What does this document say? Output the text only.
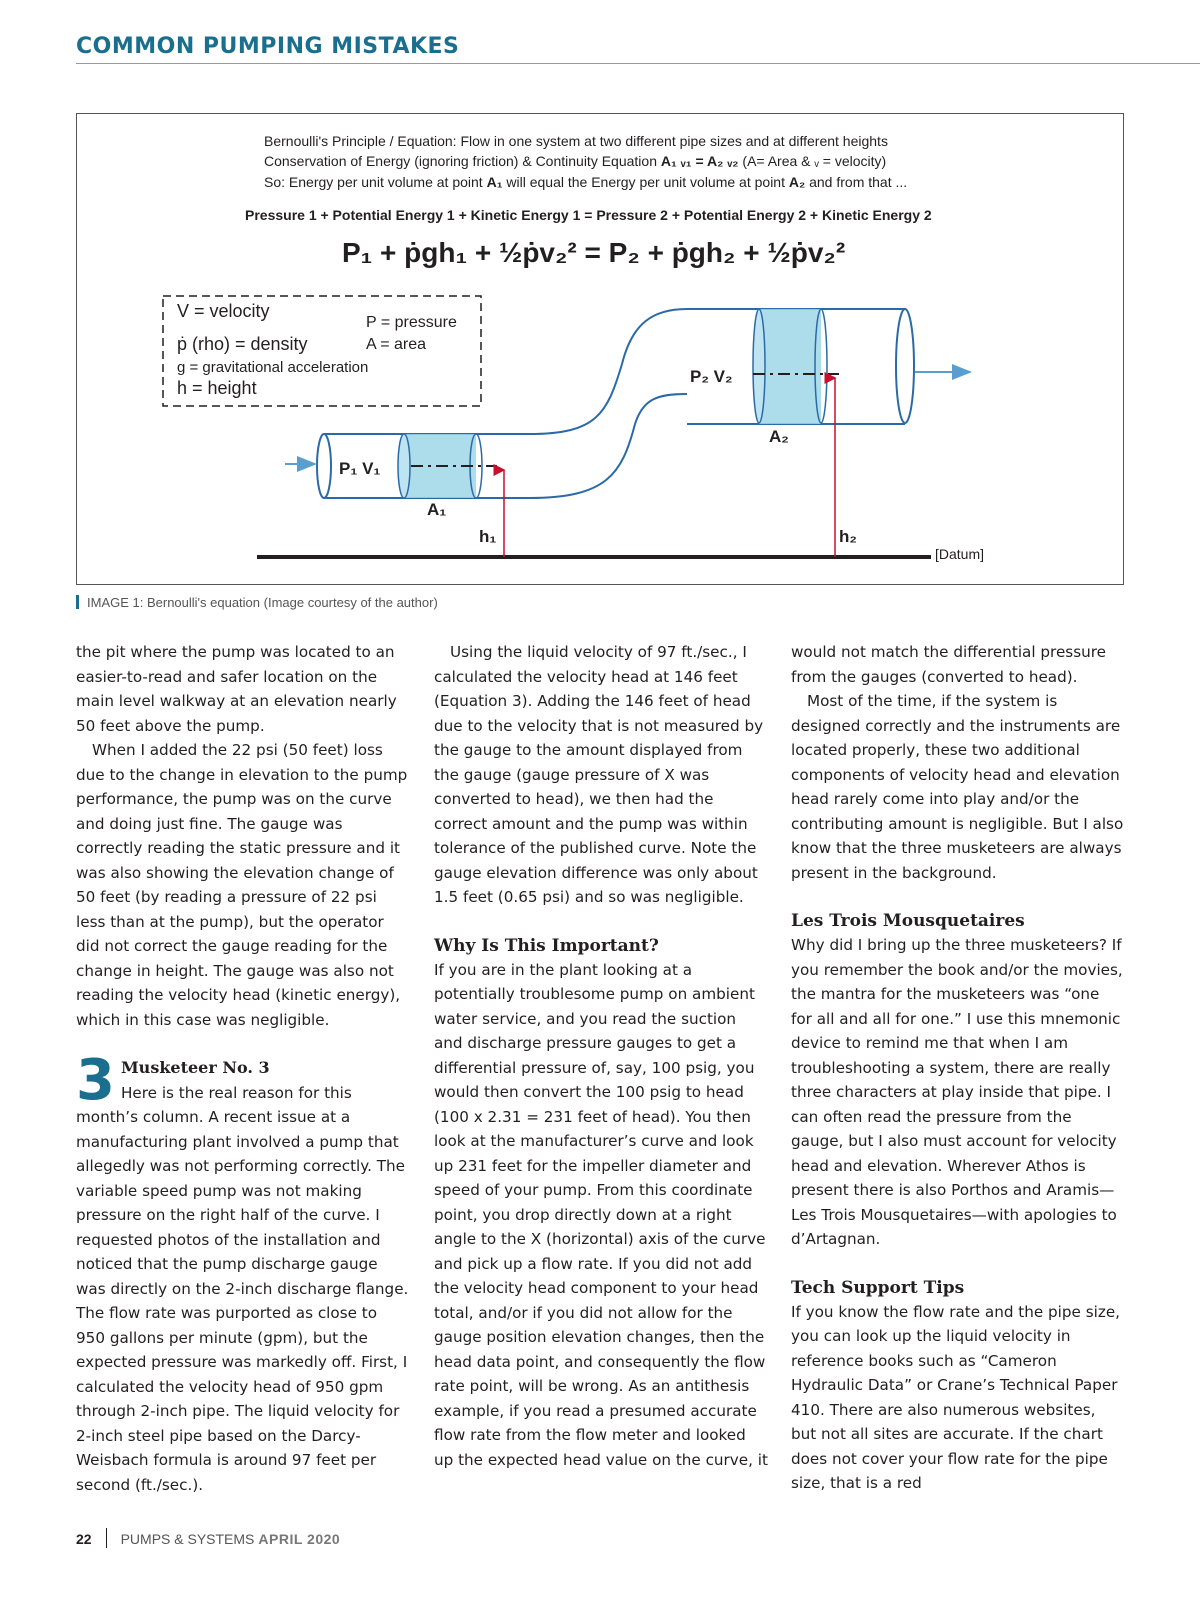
COMMON PUMPING MISTAKES
Bernoulli's Principle / Equation: Flow in one system at two different pipe sizes and at different heights
Conservation of Energy (ignoring friction) & Continuity Equation A₁ ᵥ₁ = A₂ ᵥ₂ (A= Area & ᵥ = velocity)
So: Energy per unit volume at point A₁ will equal the Energy per unit volume at point A₂ and from that ...
Pressure 1 + Potential Energy 1 + Kinetic Energy 1 = Pressure 2 + Potential Energy 2 + Kinetic Energy 2
P₁ + ṗgh₁ + ½ṗv₂² = P₂ + ṗgh₂ + ½ṗv₂²
V = velocity
ṗ (rho) = density
g = gravitational acceleration
h = height
P = pressure
A = area
[Datum]
P₁ V₁
P₂ V₂
A₁
A₂
h₁	h₂
IMAGE 1: Bernoulli's equation (Image courtesy of the author)

the pit where the pump was located to an easier-to-read and safer location on the main level walkway at an elevation nearly 50 feet above the pump.

When I added the 22 psi (50 feet) loss due to the change in elevation to the pump performance, the pump was on the curve and doing just fine. The gauge was correctly reading the static pressure and it was also showing the elevation change of 50 feet (by reading a pressure of 22 psi less than at the pump), but the operator did not correct the gauge reading for the change in height. The gauge was also not reading the velocity head (kinetic energy), which in this case was negligible.

3 Musketeer No. 3
Here is the real reason for this month’s column. A recent issue at a manufacturing plant involved a pump that allegedly was not performing correctly. The variable speed pump was not making pressure on the right half of the curve. I requested photos of the installation and noticed that the pump discharge gauge was directly on the 2-inch discharge flange. The flow rate was purported as close to 950 gallons per minute (gpm), but the expected pressure was markedly off. First, I calculated the velocity head of 950 gpm through 2-inch pipe. The liquid velocity for 2-inch steel pipe based on the Darcy-Weisbach formula is around 97 feet per second (ft./sec.).

Using the liquid velocity of 97 ft./sec., I calculated the velocity head at 146 feet (Equation 3). Adding the 146 feet of head due to the velocity that is not measured by the gauge to the amount displayed from the gauge (gauge pressure of X was converted to head), we then had the correct amount and the pump was within tolerance of the published curve. Note the gauge elevation difference was only about 1.5 feet (0.65 psi) and so was negligible.

Why Is This Important?

If you are in the plant looking at a potentially troublesome pump on ambient water service, and you read the suction and discharge pressure gauges to get a differential pressure of, say, 100 psig, you would then convert the 100 psig to head (100 x 2.31 = 231 feet of head). You then look at the manufacturer’s curve and look up 231 feet for the impeller diameter and speed of your pump. From this coordinate point, you drop directly down at a right angle to the X (horizontal) axis of the curve and pick up a flow rate. If you did not add the velocity head component to your head total, and/or if you did not allow for the gauge position elevation changes, then the head data point, and consequently the flow rate point, will be wrong. As an antithesis example, if you read a presumed accurate flow rate from the flow meter and looked up the expected head value on the curve, it

would not match the differential pressure from the gauges (converted to head).

Most of the time, if the system is designed correctly and the instruments are located properly, these two additional components of velocity head and elevation head rarely come into play and/or the contributing amount is negligible. But I also know that the three musketeers are always present in the background.

Les Trois Mousquetaires

Why did I bring up the three musketeers? If you remember the book and/or the movies, the mantra for the musketeers was “one for all and all for one.” I use this mnemonic device to remind me that when I am troubleshooting a system, there are really three characters at play inside that pipe. I can often read the pressure from the gauge, but I also must account for velocity head and elevation. Wherever Athos is present there is also Porthos and Aramis—Les Trois Mousquetaires—with apologies to d’Artagnan.

Tech Support Tips

If you know the flow rate and the pipe size, you can look up the liquid velocity in reference books such as “Cameron Hydraulic Data” or Crane’s Technical Paper 410. There are also numerous websites, but not all sites are accurate. If the chart does not cover your flow rate for the pipe size, that is a red

22 PUMPS & SYSTEMS APRIL 2020
